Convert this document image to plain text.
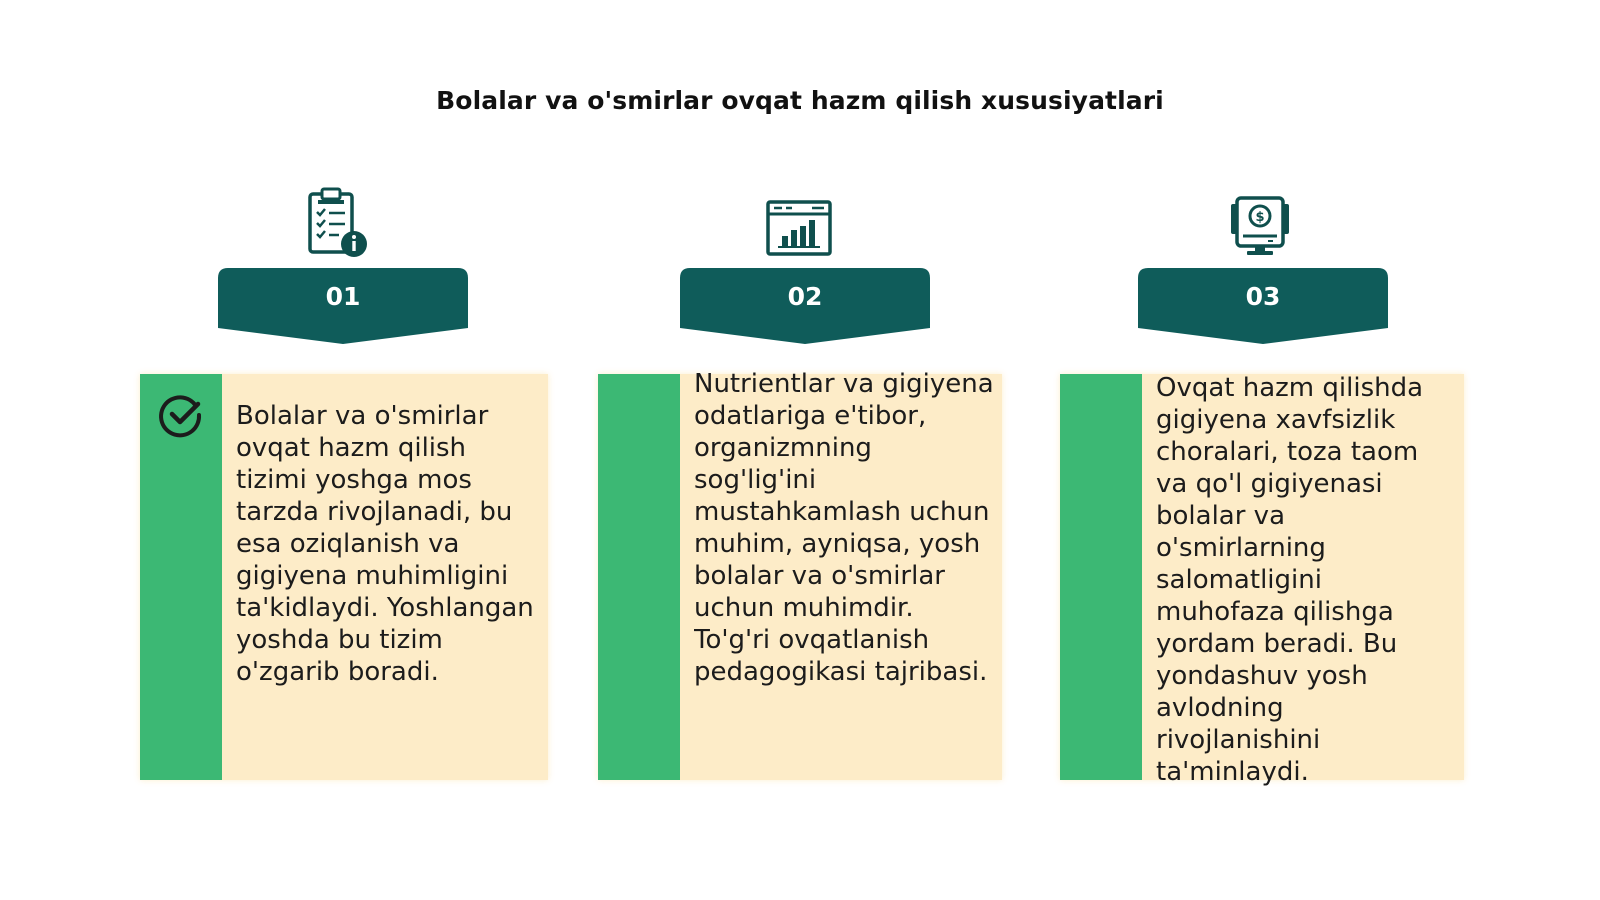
Bolalar va o'smirlar ovqat hazm qilish xususiyatlari
01
Bolalar va o'smirlar ovqat hazm qilish tizimi yoshga mos tarzda rivojlanadi, bu esa oziqlanish va gigiyena muhimligini ta'kidlaydi. Yoshlangan yoshda bu tizim o'zgarib boradi.
02
Nutrientlar va gigiyena odatlariga e'tibor, organizmning sog'lig'ini mustahkamlash uchun muhim, ayniqsa, yosh bolalar va o'smirlar uchun muhimdir. To'g'ri ovqatlanish pedagogikasi tajribasi.
$
03
Ovqat hazm qilishda gigiyena xavfsizlik choralari, toza taom va qo'l gigiyenasi bolalar va o'smirlarning salomatligini muhofaza qilishga yordam beradi. Bu yondashuv yosh avlodning rivojlanishini ta'minlaydi.
